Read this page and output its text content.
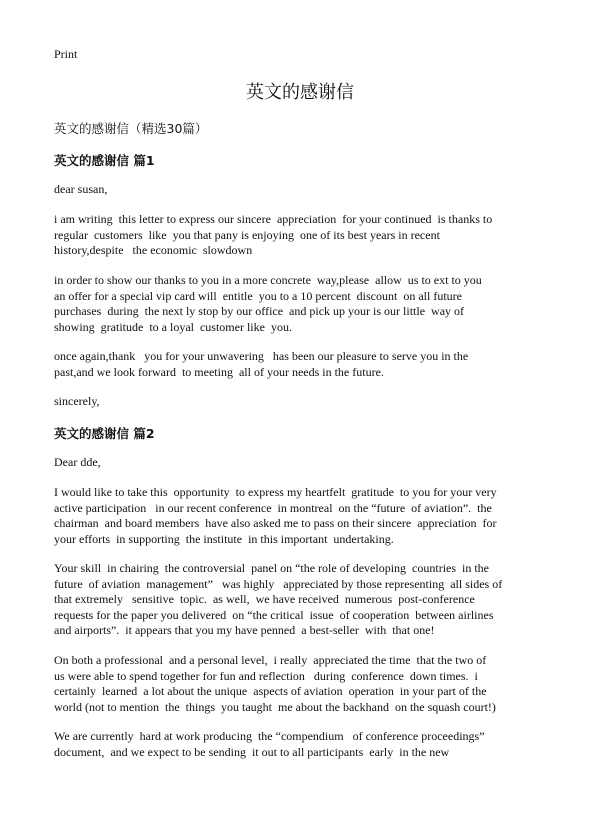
Print
英文的感谢信
英文的感谢信（精选30篇）
英文的感谢信 篇1
dear susan,
i am writing  this letter to express our sincere  appreciation  for your continued  is thanks to
regular  customers  like  you that pany is enjoying  one of its best years in recent
history,despite   the economic  slowdown
in order to show our thanks to you in a more concrete  way,please  allow  us to ext to you
an offer for a special vip card will  entitle  you to a 10 percent  discount  on all future
purchases  during  the next ly stop by our office  and pick up your is our little  way of
showing  gratitude  to a loyal  customer like  you.
once again,thank   you for your unwavering   has been our pleasure to serve you in the
past,and we look forward  to meeting  all of your needs in the future.
sincerely,
英文的感谢信 篇2
Dear dde,
I would like to take this  opportunity  to express my heartfelt  gratitude  to you for your very
active participation   in our recent conference  in montreal  on the “future  of aviation”.  the
chairman  and board members  have also asked me to pass on their sincere  appreciation  for
your efforts  in supporting  the institute  in this important  undertaking.
Your skill  in chairing  the controversial  panel on “the role of developing  countries  in the
future  of aviation  management”   was highly   appreciated by those representing  all sides of
that extremely   sensitive  topic.  as well,  we have received  numerous  post-conference
requests for the paper you delivered  on “the critical  issue  of cooperation  between airlines
and airports”.  it appears that you my have penned  a best-seller  with  that one!
On both a professional  and a personal level,  i really  appreciated the time  that the two of
us were able to spend together for fun and reflection   during  conference  down times.  i
certainly  learned  a lot about the unique  aspects of aviation  operation  in your part of the
world (not to mention  the  things  you taught  me about the backhand  on the squash court!)
We are currently  hard at work producing  the “compendium   of conference proceedings”
document,  and we expect to be sending  it out to all participants  early  in the new
